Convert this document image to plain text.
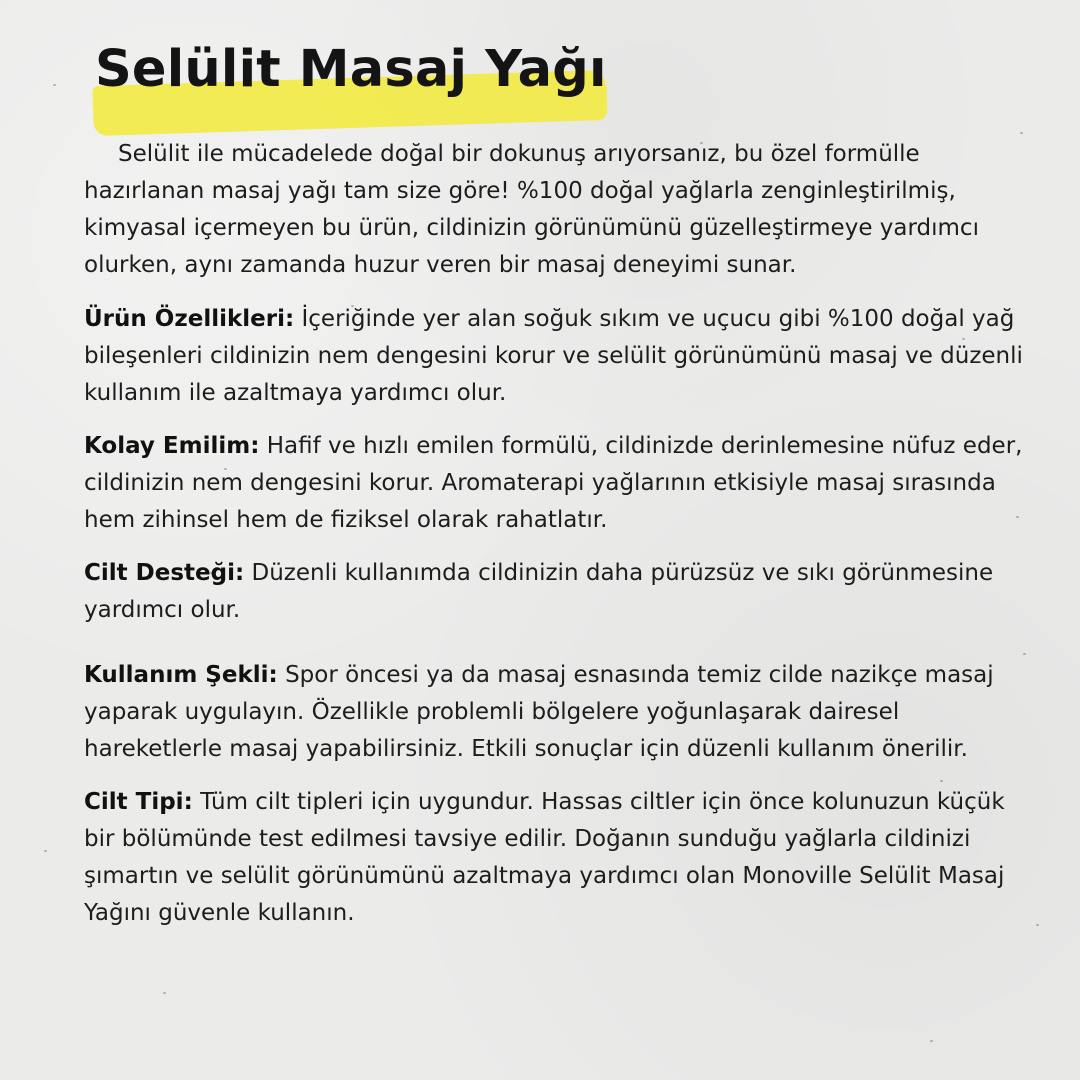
Selülit Masaj Yağı

Selülit ile mücadelede doğal bir dokunuş arıyorsanız, bu özel formülle hazırlanan masaj yağı tam size göre! %100 doğal yağlarla zenginleştirilmiş, kimyasal içermeyen bu ürün, cildinizin görünümünü güzelleştirmeye yardımcı olurken, aynı zamanda huzur veren bir masaj deneyimi sunar.

Ürün Özellikleri: İçeriğinde yer alan soğuk sıkım ve uçucu gibi %100 doğal yağ bileşenleri cildinizin nem dengesini korur ve selülit görünümünü masaj ve düzenli kullanım ile azaltmaya yardımcı olur.

Kolay Emilim: Hafif ve hızlı emilen formülü, cildinizde derinlemesine nüfuz eder, cildinizin nem dengesini korur. Aromaterapi yağlarının etkisiyle masaj sırasında hem zihinsel hem de fiziksel olarak rahatlatır.

Cilt Desteği: Düzenli kullanımda cildinizin daha pürüzsüz ve sıkı görünmesine yardımcı olur.

Kullanım Şekli: Spor öncesi ya da masaj esnasında temiz cilde nazikçe masaj yaparak uygulayın. Özellikle problemli bölgelere yoğunlaşarak dairesel hareketlerle masaj yapabilirsiniz. Etkili sonuçlar için düzenli kullanım önerilir.

Cilt Tipi: Tüm cilt tipleri için uygundur. Hassas ciltler için önce kolunuzun küçük bir bölümünde test edilmesi tavsiye edilir. Doğanın sunduğu yağlarla cildinizi şımartın ve selülit görünümünü azaltmaya yardımcı olan Monoville Selülit Masaj Yağını güvenle kullanın.
